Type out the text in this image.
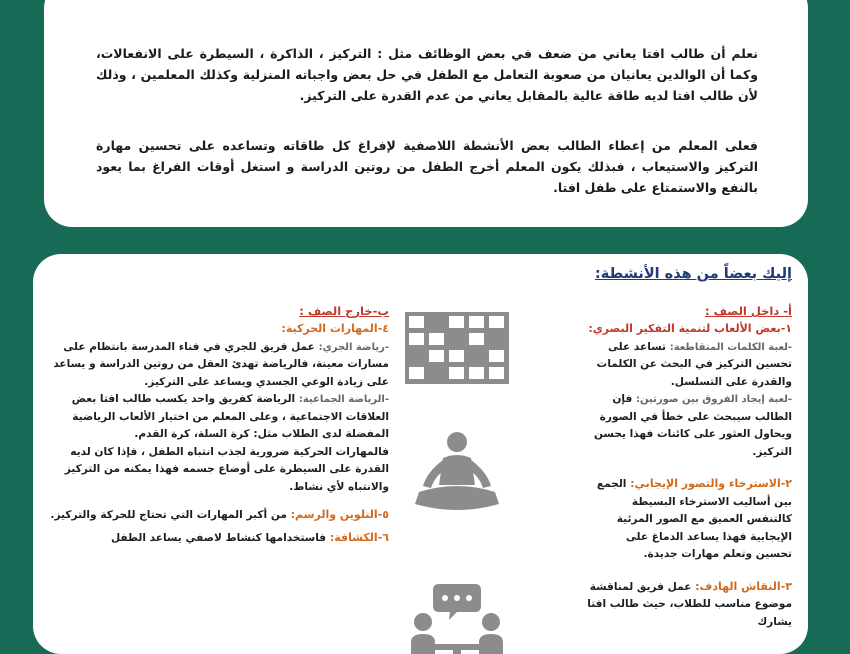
نعلم أن طالب افتا يعاني من ضعف في بعض الوظائف مثل : التركيز ، الذاكرة ، السيطرة على الانفعالات، وكما أن الوالدين يعانيان من صعوبة التعامل مع الطفل في حل بعض واجباته المنزلية وكذلك المعلمين ، وذلك لأن طالب افتا لديه طاقة عالية بالمقابل يعاني من عدم القدرة على التركيز.

فعلى المعلم من إعطاء الطالب بعض الأنشطة اللاصفية لإفراغ كل طاقاته وتساعده على تحسين مهارة التركيز والاستيعاب ، فبذلك يكون المعلم أخرج الطفل من روتين الدراسة و استغل أوقات الفراغ بما يعود بالنفع والاستمتاع على طفل افتا.

إليك بعضاً من هذه الأنشطة:
أ- داخل الصف :
١-بعض الألعاب لتنمية التفكير البصري:
-لعبة الكلمات المتقاطعة: تساعد على تحسين التركيز في البحث عن الكلمات والقدرة على التسلسل.
-لعبة إيجاد الفروق بين صورتين: فإن الطالب سيبحث على خطأ في الصورة ويحاول العثور على كائنات فهذا يحسن التركيز.
٢-الاسترخاء والتصور الإيجابي: الجمع بين أساليب الاسترخاء البسيطة كالتنفس العميق مع الصور المرئية الإيجابية فهذا يساعد الدماغ على تحسين وتعلم مهارات جديدة.
٣-النقاش الهادف: عمل فريق لمناقشة موضوع مناسب للطلاب، حيث طالب افتا يشارك
ب-خارج الصف :
٤-المهارات الحركية:
-رياضة الجري: عمل فريق للجري في فناء المدرسة بانتظام على مسارات معينة، فالرياضة تهدئ العقل من روتين الدراسة و يساعد على زيادة الوعي الجسدي ويساعد على التركيز.
-الرياضة الجماعية: الرياضة كفريق واحد يكسب طالب افتا بعض العلاقات الاجتماعية ، وعلى المعلم من اختيار الألعاب الرياضية المفضلة لدى الطلاب مثل: كرة السلة، كرة القدم.
فالمهارات الحركية ضرورية لجذب انتباه الطفل ، فإذا كان لديه القدرة على السيطرة على أوضاع جسمه فهذا يمكنه من التركيز والانتباه لأي نشاط.
٥-التلوين والرسم: من أكبر المهارات التي تحتاج للحركة والتركيز.
٦-الكشافة: فاستخدامها كنشاط لاصفي يساعد الطفل
